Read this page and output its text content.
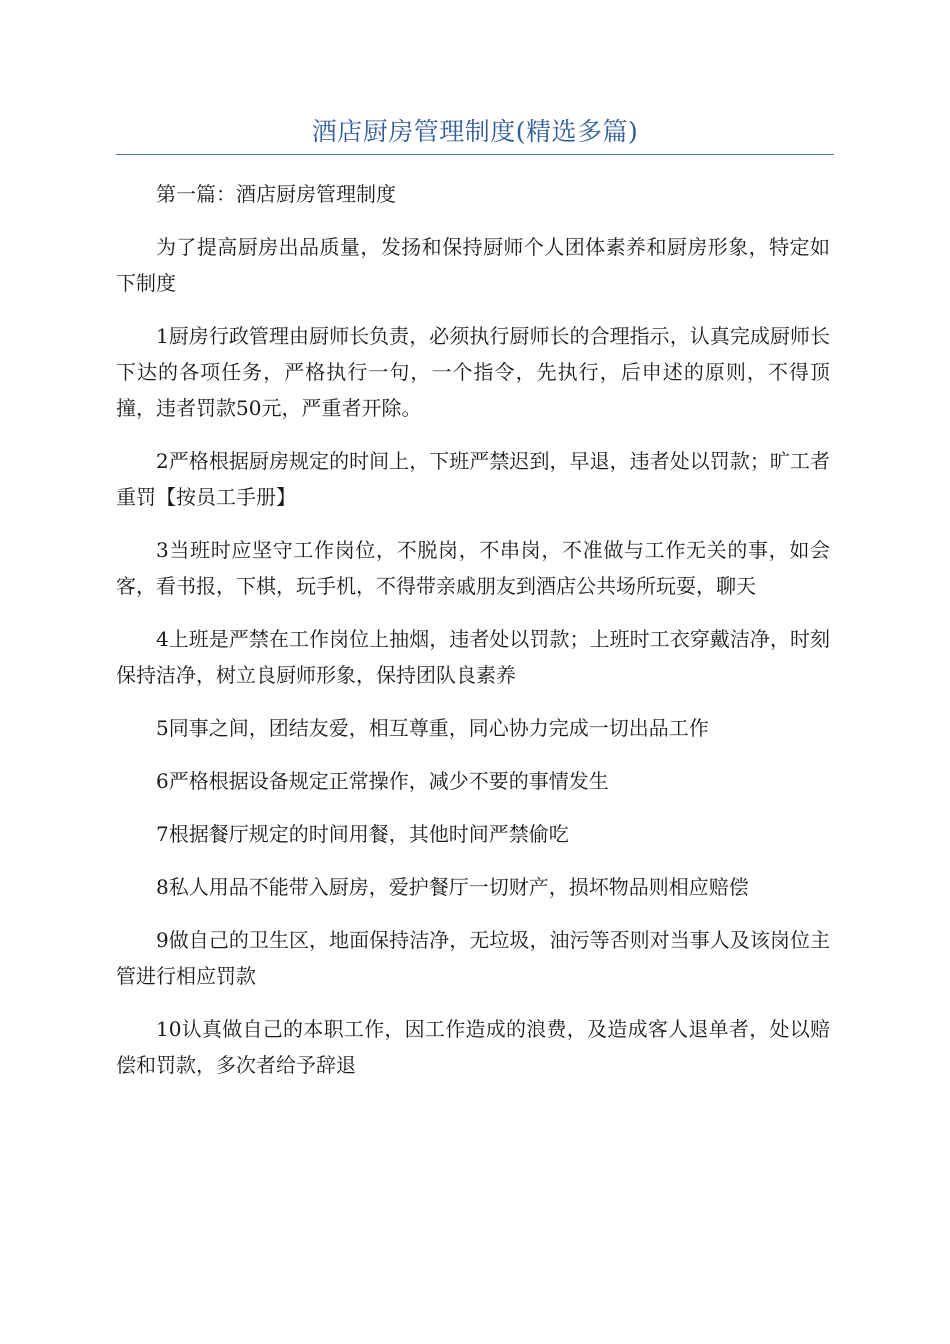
酒店厨房管理制度(精选多篇)

第一篇：酒店厨房管理制度

为了提高厨房出品质量，发扬和保持厨师个人团体素养和厨房形象，特定如下制度

1厨房行政管理由厨师长负责，必须执行厨师长的合理指示，认真完成厨师长下达的各项任务，严格执行一句，一个指令，先执行，后申述的原则，不得顶撞，违者罚款50元，严重者开除。

2严格根据厨房规定的时间上，下班严禁迟到，早退，违者处以罚款；旷工者重罚【按员工手册】

3当班时应坚守工作岗位，不脱岗，不串岗，不准做与工作无关的事，如会客，看书报，下棋，玩手机，不得带亲戚朋友到酒店公共场所玩耍，聊天

4上班是严禁在工作岗位上抽烟，违者处以罚款；上班时工衣穿戴洁净，时刻保持洁净，树立良厨师形象，保持团队良素养

5同事之间，团结友爱，相互尊重，同心协力完成一切出品工作

6严格根据设备规定正常操作，减少不要的事情发生

7根据餐厅规定的时间用餐，其他时间严禁偷吃

8私人用品不能带入厨房，爱护餐厅一切财产，损坏物品则相应赔偿

9做自己的卫生区，地面保持洁净，无垃圾，油污等否则对当事人及该岗位主管进行相应罚款

10认真做自己的本职工作，因工作造成的浪费，及造成客人退单者，处以赔偿和罚款，多次者给予辞退
